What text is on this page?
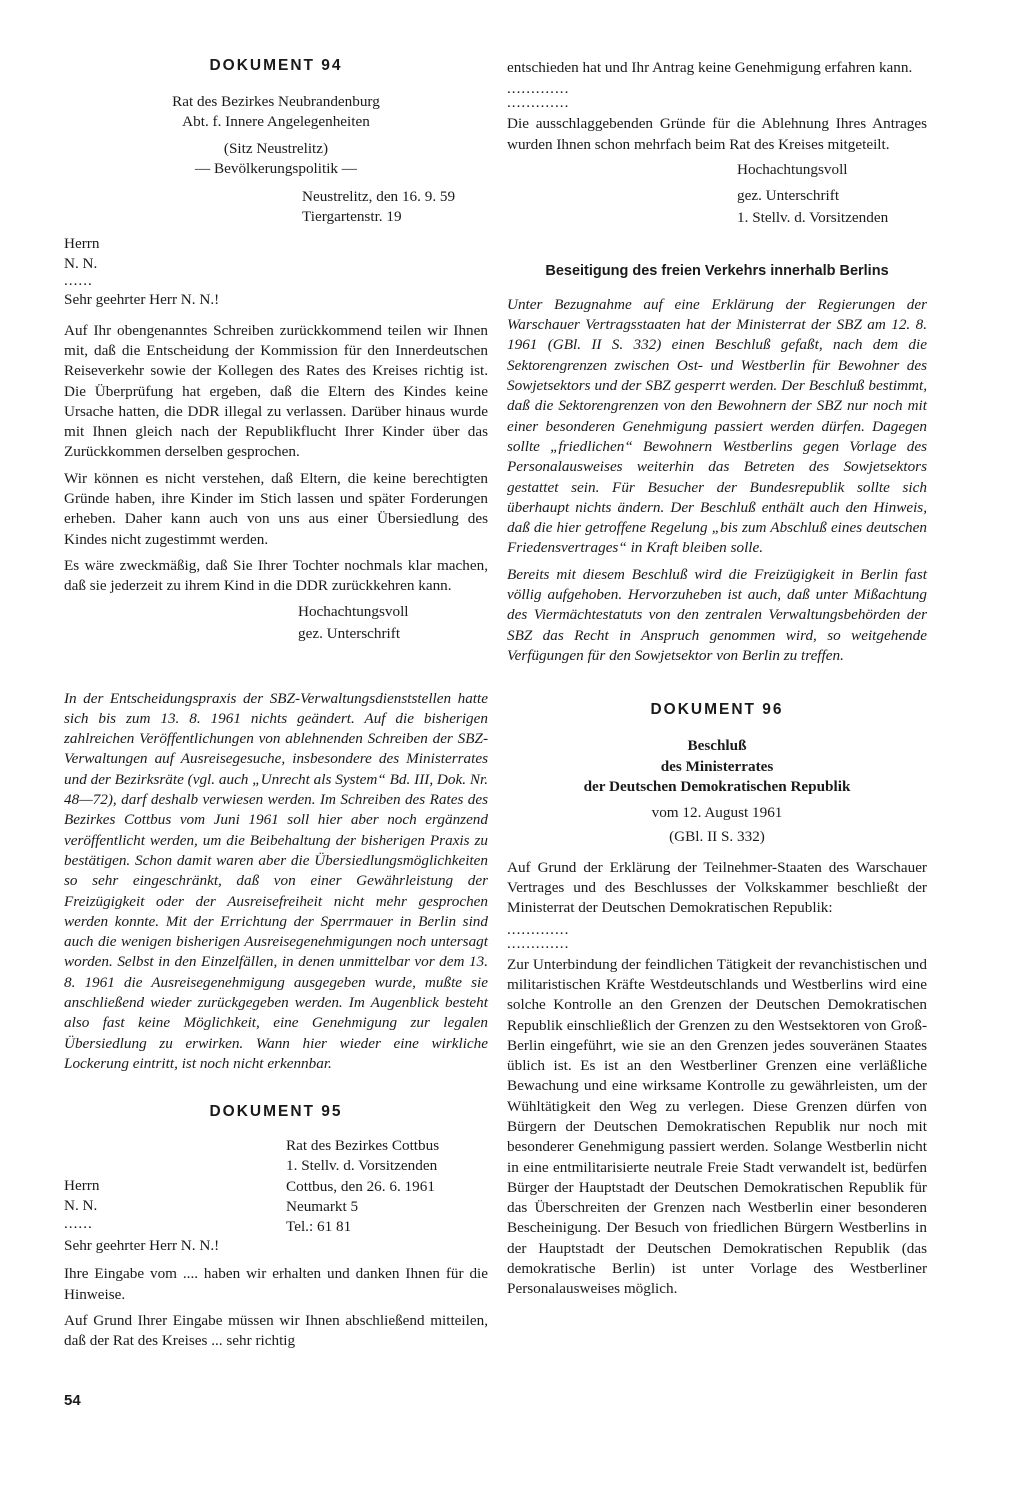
DOKUMENT 94
Rat des Bezirkes Neubrandenburg
Abt. f. Innere Angelegenheiten
(Sitz Neustrelitz)
— Bevölkerungspolitik —
Neustrelitz, den 16. 9. 59
Tiergartenstr. 19
Herrn
N. N.
......

Sehr geehrter Herr N. N.!

Auf Ihr obengenanntes Schreiben zurückkommend teilen wir Ihnen mit, daß die Entscheidung der Kommission für den Innerdeutschen Reiseverkehr sowie der Kollegen des Rates des Kreises richtig ist. Die Überprüfung hat ergeben, daß die Eltern des Kindes keine Ursache hatten, die DDR illegal zu verlassen. Darüber hinaus wurde mit Ihnen gleich nach der Republikflucht Ihrer Kinder über das Zurückkommen derselben gesprochen.

Wir können es nicht verstehen, daß Eltern, die keine berechtigten Gründe haben, ihre Kinder im Stich lassen und später Forderungen erheben. Daher kann auch von uns aus einer Übersiedlung des Kindes nicht zugestimmt werden.

Es wäre zweckmäßig, daß Sie Ihrer Tochter nochmals klar machen, daß sie jederzeit zu ihrem Kind in die DDR zurückkehren kann.

Hochachtungsvoll
gez. Unterschrift

In der Entscheidungspraxis der SBZ-Verwaltungsdienststellen hatte sich bis zum 13. 8. 1961 nichts geändert. Auf die bisherigen zahlreichen Veröffentlichungen von ablehnenden Schreiben der SBZ-Verwaltungen auf Ausreisegesuche, insbesondere des Ministerrates und der Bezirksräte (vgl. auch „Unrecht als System“ Bd. III, Dok. Nr. 48—72), darf deshalb verwiesen werden. Im Schreiben des Rates des Bezirkes Cottbus vom Juni 1961 soll hier aber noch ergänzend veröffentlicht werden, um die Beibehaltung der bisherigen Praxis zu bestätigen. Schon damit waren aber die Übersiedlungsmöglichkeiten so sehr eingeschränkt, daß von einer Gewährleistung der Freizügigkeit oder der Ausreisefreiheit nicht mehr gesprochen werden konnte. Mit der Errichtung der Sperrmauer in Berlin sind auch die wenigen bisherigen Ausreisegenehmigungen noch untersagt worden. Selbst in den Einzelfällen, in denen unmittelbar vor dem 13. 8. 1961 die Ausreisegenehmigung ausgegeben wurde, mußte sie anschließend wieder zurückgegeben werden. Im Augenblick besteht also fast keine Möglichkeit, eine Genehmigung zur legalen Übersiedlung zu erwirken. Wann hier wieder eine wirkliche Lockerung eintritt, ist noch nicht erkennbar.

DOKUMENT 95
Rat des Bezirkes Cottbus
1. Stellv. d. Vorsitzenden
Cottbus, den 26. 6. 1961
Neumarkt 5
Tel.: 61 81
Herrn
N. N.
......

Sehr geehrter Herr N. N.!

Ihre Eingabe vom .... haben wir erhalten und danken Ihnen für die Hinweise.

Auf Grund Ihrer Eingabe müssen wir Ihnen abschließend mitteilen, daß der Rat des Kreises ... sehr richtig

entschieden hat und Ihr Antrag keine Genehmigung erfahren kann.

.............
.............

Die ausschlaggebenden Gründe für die Ablehnung Ihres Antrages wurden Ihnen schon mehrfach beim Rat des Kreises mitgeteilt.

Hochachtungsvoll
gez. Unterschrift
1. Stellv. d. Vorsitzenden
Beseitigung des freien Verkehrs innerhalb Berlins

Unter Bezugnahme auf eine Erklärung der Regierungen der Warschauer Vertragsstaaten hat der Ministerrat der SBZ am 12. 8. 1961 (GBl. II S. 332) einen Beschluß gefaßt, nach dem die Sektorengrenzen zwischen Ost- und Westberlin für Bewohner des Sowjetsektors und der SBZ gesperrt werden. Der Beschluß bestimmt, daß die Sektorengrenzen von den Bewohnern der SBZ nur noch mit einer besonderen Genehmigung passiert werden dürfen. Dagegen sollte „friedlichen“ Bewohnern Westberlins gegen Vorlage des Personalausweises weiterhin das Betreten des Sowjetsektors gestattet sein. Für Besucher der Bundesrepublik sollte sich überhaupt nichts ändern. Der Beschluß enthält auch den Hinweis, daß die hier getroffene Regelung „bis zum Abschluß eines deutschen Friedensvertrages“ in Kraft bleiben solle.

Bereits mit diesem Beschluß wird die Freizügigkeit in Berlin fast völlig aufgehoben. Hervorzuheben ist auch, daß unter Mißachtung des Viermächtestatuts von den zentralen Verwaltungsbehörden der SBZ das Recht in Anspruch genommen wird, so weitgehende Verfügungen für den Sowjetsektor von Berlin zu treffen.

DOKUMENT 96
Beschluß
des Ministerrates
der Deutschen Demokratischen Republik
vom 12. August 1961
(GBl. II S. 332)

Auf Grund der Erklärung der Teilnehmer-Staaten des Warschauer Vertrages und des Beschlusses der Volkskammer beschließt der Ministerrat der Deutschen Demokratischen Republik:

.............
.............

Zur Unterbindung der feindlichen Tätigkeit der revanchistischen und militaristischen Kräfte Westdeutschlands und Westberlins wird eine solche Kontrolle an den Grenzen der Deutschen Demokratischen Republik einschließlich der Grenzen zu den Westsektoren von Groß-Berlin eingeführt, wie sie an den Grenzen jedes souveränen Staates üblich ist. Es ist an den Westberliner Grenzen eine verläßliche Bewachung und eine wirksame Kontrolle zu gewährleisten, um der Wühltätigkeit den Weg zu verlegen. Diese Grenzen dürfen von Bürgern der Deutschen Demokratischen Republik nur noch mit besonderer Genehmigung passiert werden. Solange Westberlin nicht in eine entmilitarisierte neutrale Freie Stadt verwandelt ist, bedürfen Bürger der Hauptstadt der Deutschen Demokratischen Republik für das Überschreiten der Grenzen nach Westberlin einer besonderen Bescheinigung. Der Besuch von friedlichen Bürgern Westberlins in der Hauptstadt der Deutschen Demokratischen Republik (das demokratische Berlin) ist unter Vorlage des Westberliner Personalausweises möglich.

54
